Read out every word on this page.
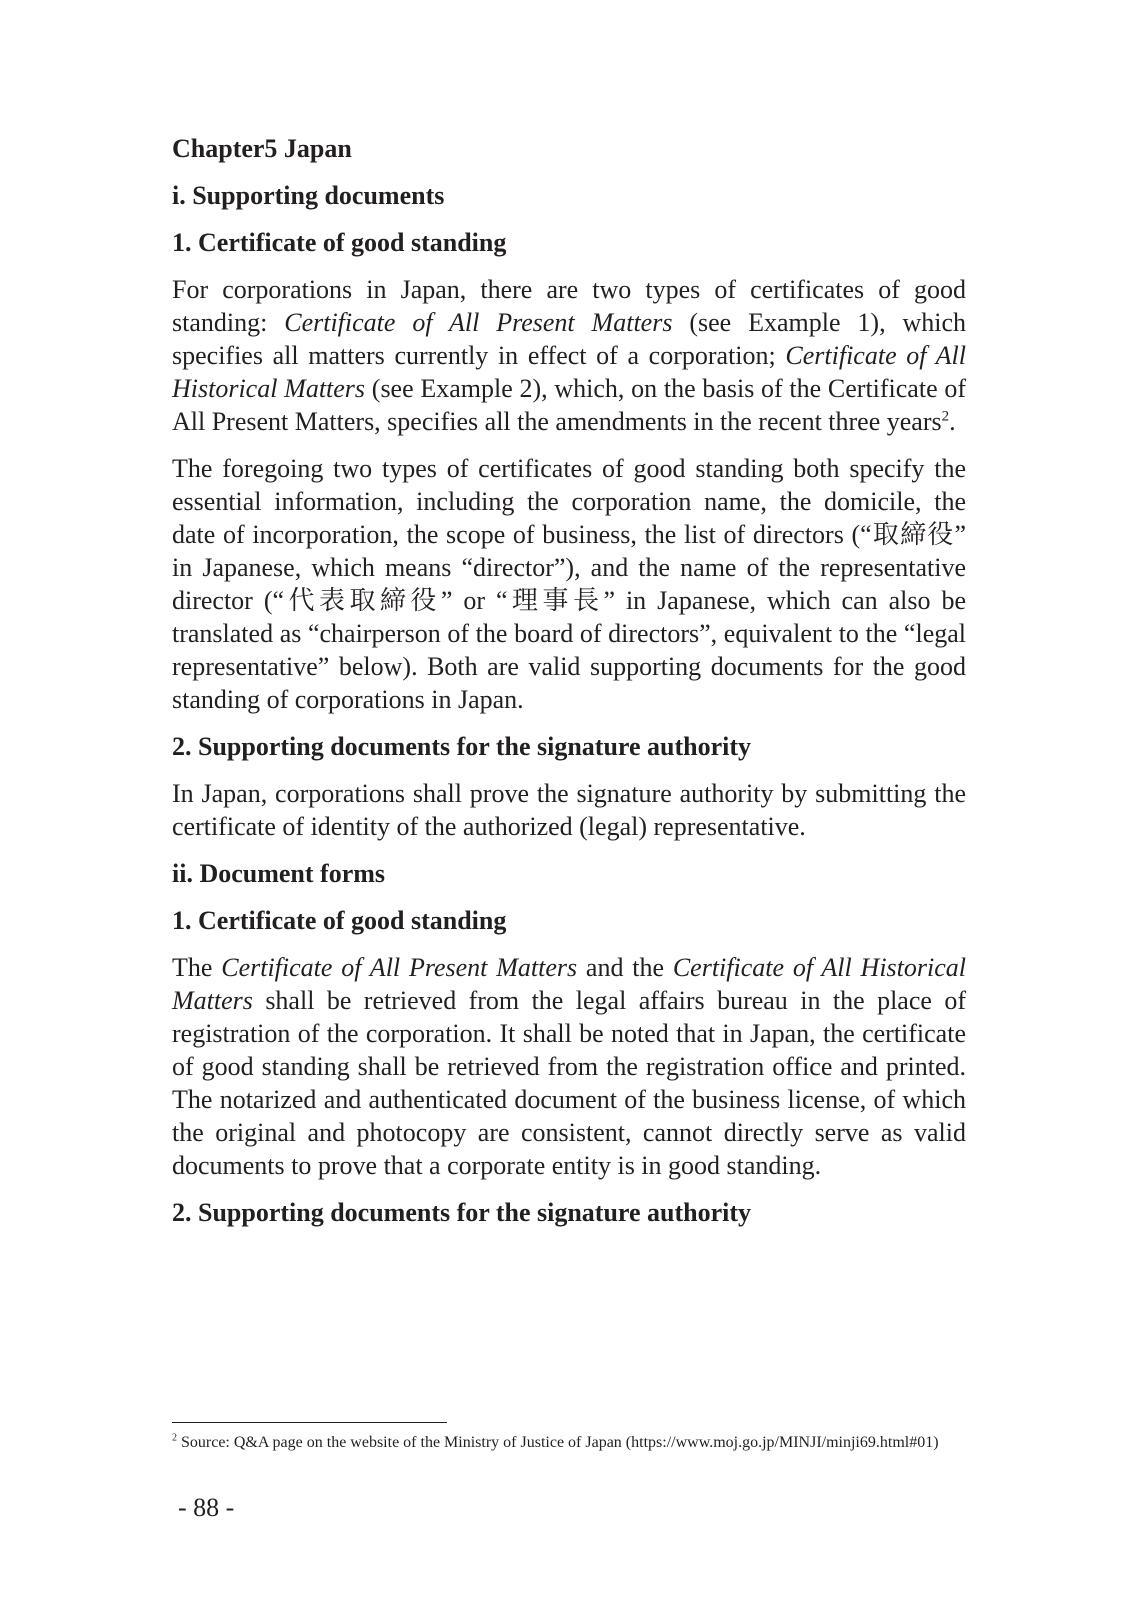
Chapter5 Japan
i. Supporting documents
1. Certificate of good standing

For corporations in Japan, there are two types of certificates of good standing: Certificate of All Present Matters (see Example 1), which specifies all matters currently in effect of a corporation; Certificate of All Historical Matters (see Example 2), which, on the basis of the Certificate of All Present Matters, specifies all the amendments in the recent three years$^2$.

The foregoing two types of certificates of good standing both specify the essential information, including the corporation name, the domicile, the date of incorporation, the scope of business, the list of directors (“取締役” in Japanese, which means “director”), and the name of the representative director (“代表取締役” or “理事長” in Japanese, which can also be translated as “chairperson of the board of directors”, equivalent to the “legal representative” below). Both are valid supporting documents for the good standing of corporations in Japan.

2. Supporting documents for the signature authority

In Japan, corporations shall prove the signature authority by submitting the certificate of identity of the authorized (legal) representative.

ii. Document forms
1. Certificate of good standing

The Certificate of All Present Matters and the Certificate of All Historical Matters shall be retrieved from the legal affairs bureau in the place of registration of the corporation. It shall be noted that in Japan, the certificate of good standing shall be retrieved from the registration office and printed. The notarized and authenticated document of the business license, of which the original and photocopy are consistent, cannot directly serve as valid documents to prove that a corporate entity is in good standing.

2. Supporting documents for the signature authority
$^2$ Source: Q&A page on the website of the Ministry of Justice of Japan (https://www.moj.go.jp/MINJI/minji69.html#01)
- 88 -
